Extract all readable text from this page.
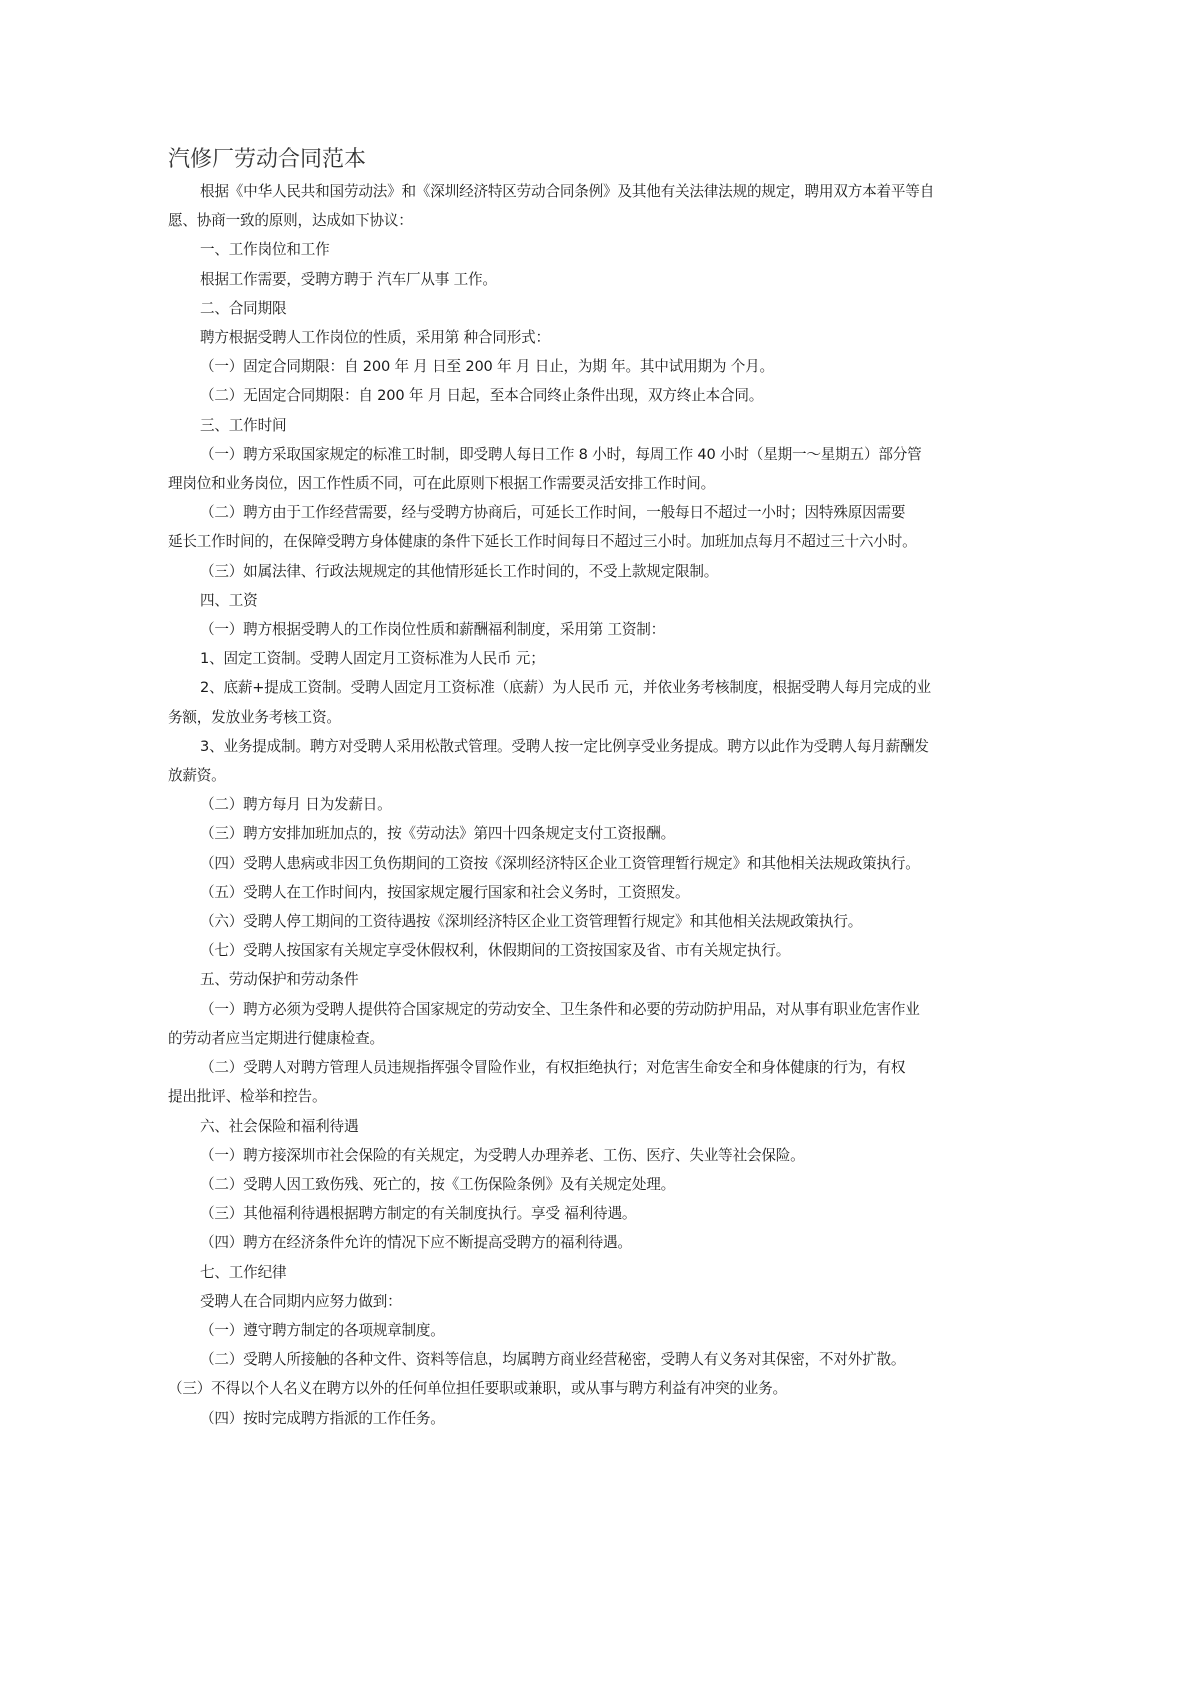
汽修厂劳动合同范本

根据《中华人民共和国劳动法》和《深圳经济特区劳动合同条例》及其他有关法律法规的规定，聘用双方本着平等自

愿、协商一致的原则，达成如下协议：

一、工作岗位和工作

根据工作需要，受聘方聘于 汽车厂从事 工作。

二、合同期限

聘方根据受聘人工作岗位的性质，采用第 种合同形式：

（一）固定合同期限：自 200 年 月 日至 200 年 月 日止，为期 年。其中试用期为 个月。

（二）无固定合同期限：自 200 年 月 日起，至本合同终止条件出现，双方终止本合同。

三、工作时间

（一）聘方采取国家规定的标准工时制，即受聘人每日工作 8 小时，每周工作 40 小时（星期一～星期五）部分管

理岗位和业务岗位，因工作性质不同，可在此原则下根据工作需要灵活安排工作时间。

（二）聘方由于工作经营需要，经与受聘方协商后，可延长工作时间，一般每日不超过一小时；因特殊原因需要

延长工作时间的，在保障受聘方身体健康的条件下延长工作时间每日不超过三小时。加班加点每月不超过三十六小时。

（三）如属法律、行政法规规定的其他情形延长工作时间的，不受上款规定限制。

四、工资

（一）聘方根据受聘人的工作岗位性质和薪酬福利制度，采用第 工资制：

1、固定工资制。受聘人固定月工资标准为人民币 元；

2、底薪+提成工资制。受聘人固定月工资标准（底薪）为人民币 元，并依业务考核制度，根据受聘人每月完成的业

务额，发放业务考核工资。

3、业务提成制。聘方对受聘人采用松散式管理。受聘人按一定比例享受业务提成。聘方以此作为受聘人每月薪酬发

放薪资。

（二）聘方每月 日为发薪日。

（三）聘方安排加班加点的，按《劳动法》第四十四条规定支付工资报酬。

（四）受聘人患病或非因工负伤期间的工资按《深圳经济特区企业工资管理暂行规定》和其他相关法规政策执行。

（五）受聘人在工作时间内，按国家规定履行国家和社会义务时，工资照发。

（六）受聘人停工期间的工资待遇按《深圳经济特区企业工资管理暂行规定》和其他相关法规政策执行。

（七）受聘人按国家有关规定享受休假权利，休假期间的工资按国家及省、市有关规定执行。

五、劳动保护和劳动条件

（一）聘方必须为受聘人提供符合国家规定的劳动安全、卫生条件和必要的劳动防护用品，对从事有职业危害作业

的劳动者应当定期进行健康检查。

（二）受聘人对聘方管理人员违规指挥强令冒险作业，有权拒绝执行；对危害生命安全和身体健康的行为，有权

提出批评、检举和控告。

六、社会保险和福利待遇

（一）聘方接深圳市社会保险的有关规定，为受聘人办理养老、工伤、医疗、失业等社会保险。

（二）受聘人因工致伤残、死亡的，按《工伤保险条例》及有关规定处理。

（三）其他福利待遇根据聘方制定的有关制度执行。享受 福利待遇。

（四）聘方在经济条件允许的情况下应不断提高受聘方的福利待遇。

七、工作纪律

受聘人在合同期内应努力做到：

（一）遵守聘方制定的各项规章制度。

（二）受聘人所接触的各种文件、资料等信息，均属聘方商业经营秘密，受聘人有义务对其保密，不对外扩散。

（三）不得以个人名义在聘方以外的任何单位担任要职或兼职，或从事与聘方利益有冲突的业务。

（四）按时完成聘方指派的工作任务。
